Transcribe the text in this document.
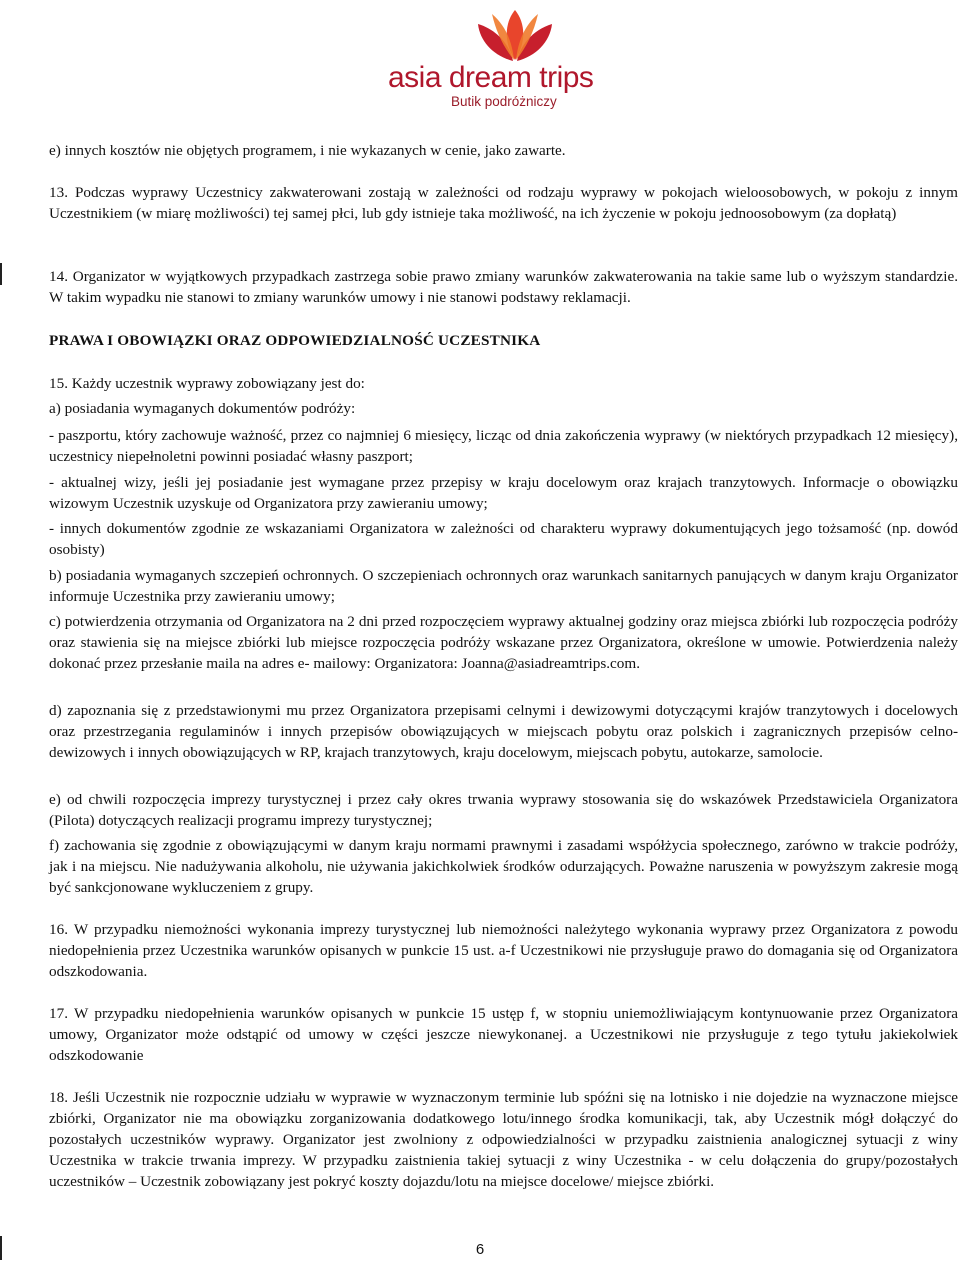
asia dream trips
Butik podróżniczy

e) innych kosztów nie objętych programem, i nie wykazanych w cenie, jako zawarte.

13. Podczas wyprawy Uczestnicy zakwaterowani zostają w zależności od rodzaju wyprawy w pokojach wieloosobowych, w pokoju z innym Uczestnikiem (w miarę możliwości) tej samej płci, lub gdy istnieje taka możliwość, na ich życzenie w pokoju jednoosobowym (za dopłatą)

14. Organizator w wyjątkowych przypadkach zastrzega sobie prawo zmiany warunków zakwaterowania na takie same lub o wyższym standardzie. W takim wypadku nie stanowi to zmiany warunków umowy i nie stanowi podstawy reklamacji.

PRAWA I OBOWIĄZKI ORAZ ODPOWIEDZIALNOŚĆ UCZESTNIKA

15. Każdy uczestnik wyprawy zobowiązany jest do:

a) posiadania wymaganych dokumentów podróży:

- paszportu, który zachowuje ważność, przez co najmniej 6 miesięcy, licząc od dnia zakończenia wyprawy (w niektórych przypadkach 12 miesięcy), uczestnicy niepełnoletni powinni posiadać własny paszport;

- aktualnej wizy, jeśli jej posiadanie jest wymagane przez przepisy w kraju docelowym oraz krajach tranzytowych. Informacje o obowiązku wizowym Uczestnik uzyskuje od Organizatora przy zawieraniu umowy;

- innych dokumentów zgodnie ze wskazaniami Organizatora w zależności od charakteru wyprawy dokumentujących jego tożsamość (np. dowód osobisty)

b) posiadania wymaganych szczepień ochronnych. O szczepieniach ochronnych oraz warunkach sanitarnych panujących w danym kraju Organizator informuje Uczestnika przy zawieraniu umowy;

c) potwierdzenia otrzymania od Organizatora na 2 dni przed rozpoczęciem wyprawy aktualnej godziny oraz miejsca zbiórki lub rozpoczęcia podróży oraz stawienia się na miejsce zbiórki lub miejsce rozpoczęcia podróży wskazane przez Organizatora, określone w umowie. Potwierdzenia należy dokonać przez przesłanie maila na adres e- mailowy: Organizatora: Joanna@asiadreamtrips.com.

d) zapoznania się z przedstawionymi mu przez Organizatora przepisami celnymi i dewizowymi dotyczącymi krajów tranzytowych i docelowych oraz przestrzegania regulaminów i innych przepisów obowiązujących w miejscach pobytu oraz polskich i zagranicznych przepisów celno-dewizowych i innych obowiązujących w RP, krajach tranzytowych, kraju docelowym, miejscach pobytu, autokarze, samolocie.

e) od chwili rozpoczęcia imprezy turystycznej i przez cały okres trwania wyprawy stosowania się do wskazówek Przedstawiciela Organizatora (Pilota) dotyczących realizacji programu imprezy turystycznej;

f) zachowania się zgodnie z obowiązującymi w danym kraju normami prawnymi i zasadami współżycia społecznego, zarówno w trakcie podróży, jak i na miejscu. Nie nadużywania alkoholu, nie używania jakichkolwiek środków odurzających. Poważne naruszenia w powyższym zakresie mogą być sankcjonowane wykluczeniem z grupy.

16. W przypadku niemożności wykonania imprezy turystycznej lub niemożności należytego wykonania wyprawy przez Organizatora z powodu niedopełnienia przez Uczestnika warunków opisanych w punkcie 15 ust. a-f Uczestnikowi nie przysługuje prawo do domagania się od Organizatora odszkodowania.

17. W przypadku niedopełnienia warunków opisanych w punkcie 15 ustęp f, w stopniu uniemożliwiającym kontynuowanie przez Organizatora umowy, Organizator może odstąpić od umowy w części jeszcze niewykonanej. a Uczestnikowi nie przysługuje z tego tytułu jakiekolwiek odszkodowanie

18. Jeśli Uczestnik nie rozpocznie udziału w wyprawie w wyznaczonym terminie lub spóźni się na lotnisko i nie dojedzie na wyznaczone miejsce zbiórki, Organizator nie ma obowiązku zorganizowania dodatkowego lotu/innego środka komunikacji, tak, aby Uczestnik mógł dołączyć do pozostałych uczestników wyprawy. Organizator jest zwolniony z odpowiedzialności w przypadku zaistnienia analogicznej sytuacji z winy Uczestnika w trakcie trwania imprezy. W przypadku zaistnienia takiej sytuacji z winy Uczestnika - w celu dołączenia do grupy/pozostałych uczestników – Uczestnik zobowiązany jest pokryć koszty dojazdu/lotu na miejsce docelowe/ miejsce zbiórki.

6
